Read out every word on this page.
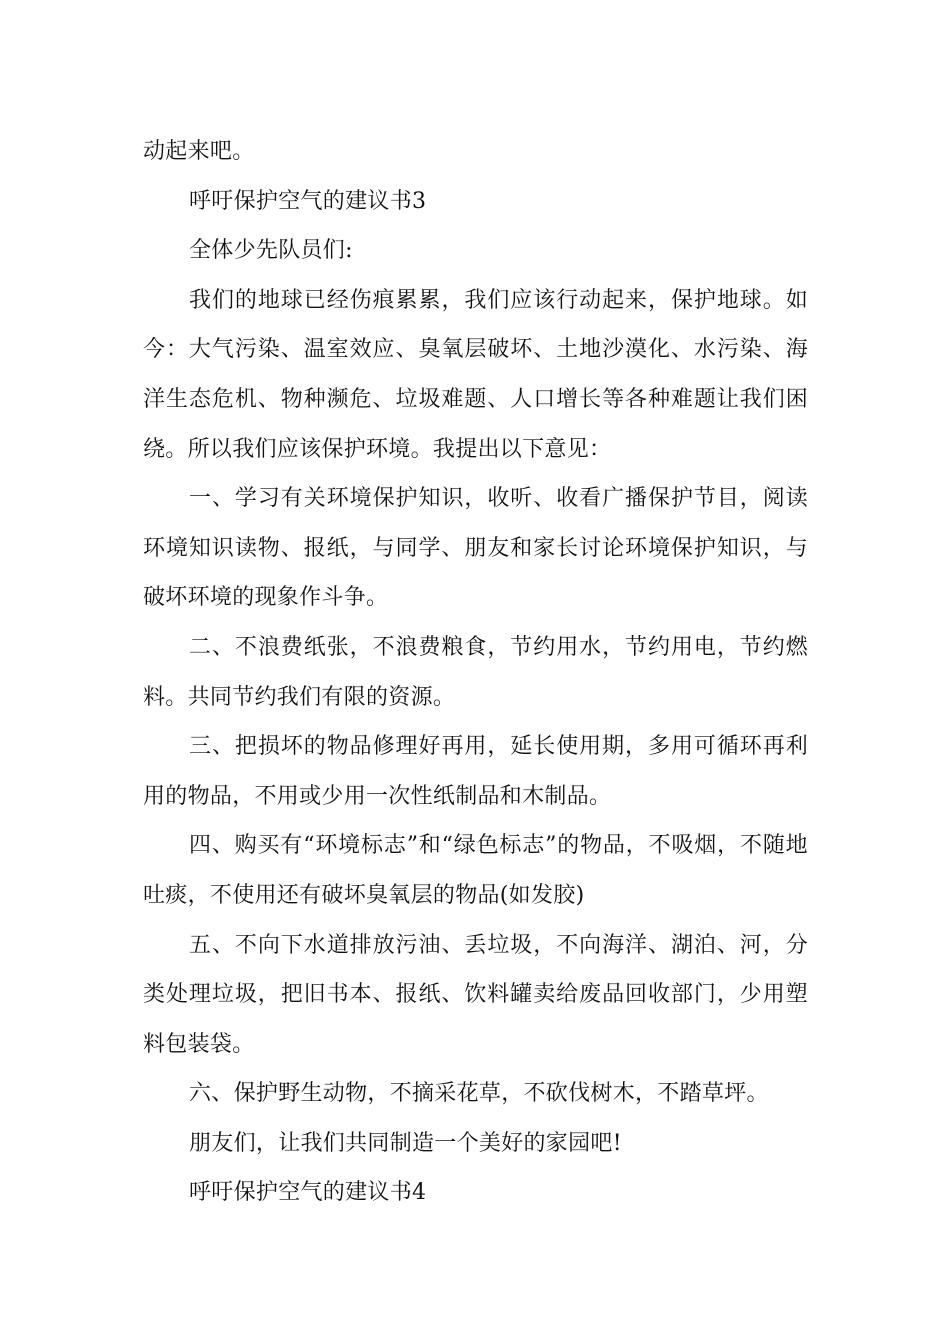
动起来吧。

呼吁保护空气的建议书3

全体少先队员们:

我们的地球已经伤痕累累，我们应该行动起来，保护地球。如今：大气污染、温室效应、臭氧层破坏、土地沙漠化、水污染、海洋生态危机、物种濒危、垃圾难题、人口增长等各种难题让我们困绕。所以我们应该保护环境。我提出以下意见：

一、学习有关环境保护知识，收听、收看广播保护节目，阅读环境知识读物、报纸，与同学、朋友和家长讨论环境保护知识，与破坏环境的现象作斗争。

二、不浪费纸张，不浪费粮食，节约用水，节约用电，节约燃料。共同节约我们有限的资源。

三、把损坏的物品修理好再用，延长使用期，多用可循环再利用的物品，不用或少用一次性纸制品和木制品。

四、购买有“环境标志”和“绿色标志”的物品，不吸烟，不随地吐痰，不使用还有破坏臭氧层的物品(如发胶)

五、不向下水道排放污油、丢垃圾，不向海洋、湖泊、河，分类处理垃圾，把旧书本、报纸、饮料罐卖给废品回收部门，少用塑料包装袋。

六、保护野生动物，不摘采花草，不砍伐树木，不踏草坪。

朋友们，让我们共同制造一个美好的家园吧!

呼吁保护空气的建议书4
